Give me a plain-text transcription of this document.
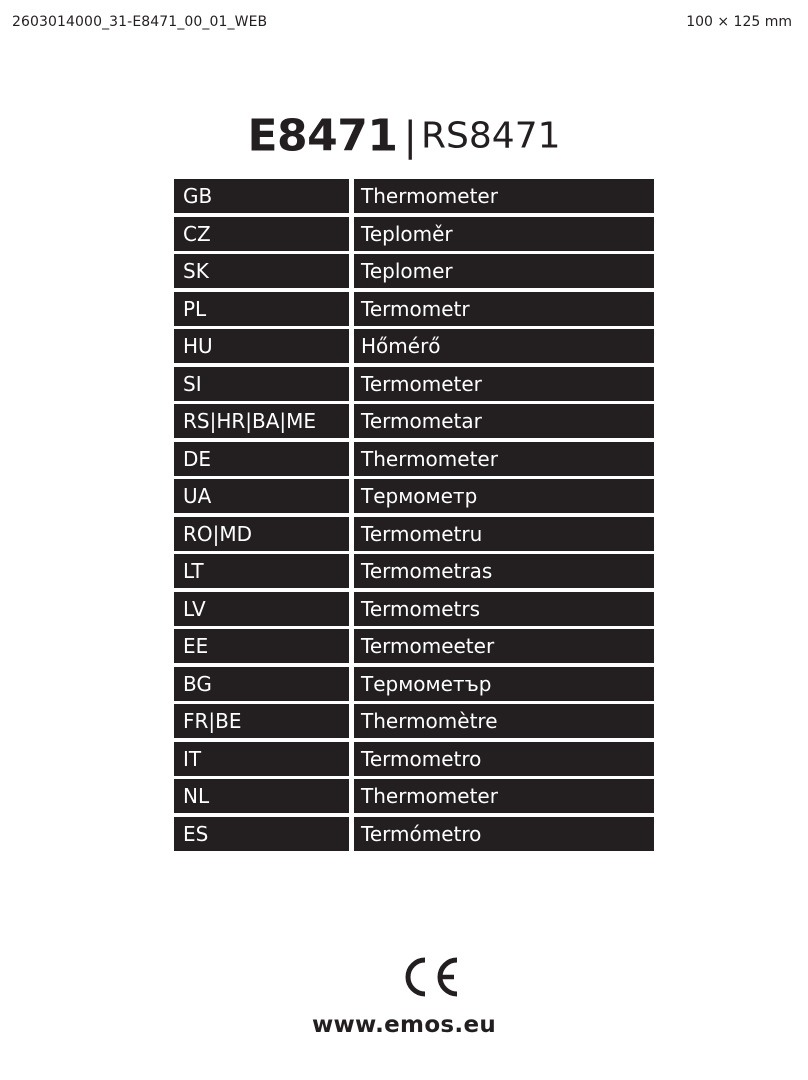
2603014000_31-E8471_00_01_WEB	100 × 125 mm
E8471 | RS8471
GB	Thermometer
CZ	Teploměr
SK	Teplomer
PL	Termometr
HU	Hőmérő
SI	Termometer
RS|HR|BA|ME	Termometar
DE	Thermometer
UA	Термометр
RO|MD	Termometru
LT	Termometras
LV	Termometrs
EE	Termomeeter
BG	Термометър
FR|BE	Thermomètre
IT	Termometro
NL	Thermometer
ES	Termómetro
www.emos.eu
